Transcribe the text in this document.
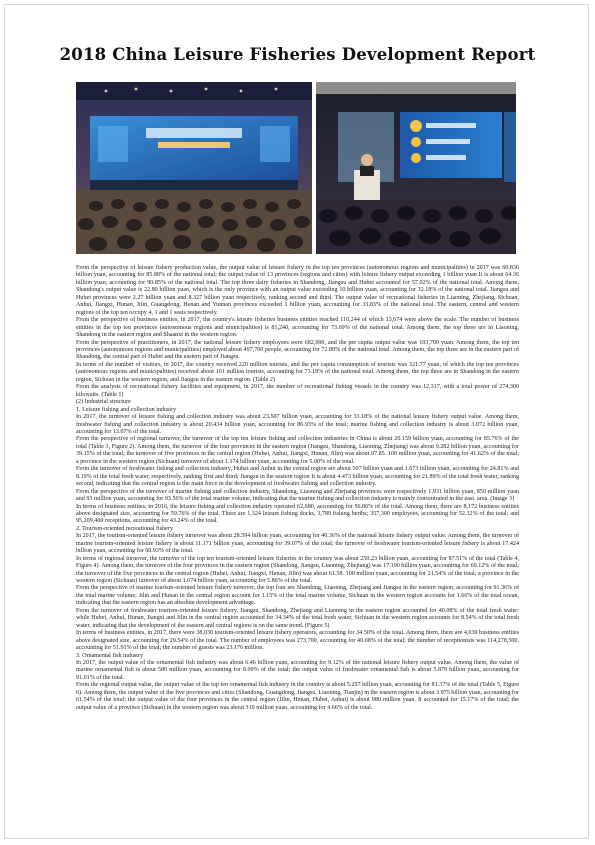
2018 China Leisure Fisheries Development Report

From the perspective of leisure fishery production value, the output value of leisure fishery in the top ten provinces (autonomous regions and municipalities) in 2017 was 60.836 billion yuan, accounting for 85.88% of the national total; the output value of 13 provinces (regions and cities) with leisure fishery output exceeding 1 billion yuan It is about 64.36 billion yuan, accounting for 90.85% of the national total. The top three dairy fisheries in Shandong, Jiangsu and Hubei accounted for 57.02% of the national total. Among them, Shandong's output value is 22.80 billion yuan, which is the only province with an output value exceeding 10 billion yuan, accounting for 32.18% of the national total. Jiangsu and Hubei provinces were 2.27 billion yuan and 8.327 billion yuan respectively, ranking second and third. The output value of recreational fisheries in Liaoning, Zhejiang, Sichuan, Anhui, Jiangxi, Hunan, Jilin, Guangdong, Henan and Yunnan provinces exceeded 1 billion yuan, accounting for 33.83% of the national total. The eastern, central and western regions of the top ten occupy 4, 1 and 1 seats respectively.

From the perspective of business entities, in 2017, the country's leisure fisheries business entities reached 110,244 of which 13,674 were above the scale. The number of business entities in the top ten provinces (autonomous regions and municipalities) is 81,240, accounting for 73.69% of the national total. Among them, the top three are in Liaoning, Shandong in the eastern region and Shaanxi in the western region.

From the perspective of practitioners, in 2017, the national leisure fishery employees were 682,900, and the per capita output value was 103,700 yuan. Among them, the top ten provinces (autonomous regions and municipalities) employed about 497,700 people, accounting for 72.88% of the national total. Among them, the top three are in the eastern part of Shandong, the central part of Hubei and the eastern part of Jiangsu.

In terms of the number of visitors, in 2017, the country received 220 million tourists, and the per capita consumption of tourists was 321.77 yuan, of which the top ten provinces (autonomous regions and municipalities) received about 161 million tourists, accounting for 73.18% of the national total. Among them, the top three are in Shandong in the eastern region, Sichuan in the western region, and Jiangsu in the eastern region. (Table 2)

From the analysis of recreational fishery facilities and equipment, in 2017, the number of recreational fishing vessels in the country was 12,317, with a total power of 274,300 kilowatts. (Table 1)

(2) Industrial structure

1. Leisure fishing and collection industry

In 2017, the turnover of leisure fishing and collection industry was about 23.507 billion yuan, accounting for 33.18% of the national leisure fishery output value. Among them, freshwater fishing and collection industry is about 20.434 billion yuan, accounting for 86.93% of the total; marine fishing and collection industry is about 3.072 billion yuan, accounting for 13.07% of the total.

From the perspective of regional turnover, the turnover of the top ten leisure fishing and collection industries in China is about 20.159 billion yuan, accounting for 85.76% of the total (Table 3, Figure 2). Among them, the turnover of the four provinces in the eastern region (Jiangsu, Shandong, Liaoning, Zhejiang) was about 9.282 billion yuan, accounting for 39.15% of the total; the turnover of five provinces in the central region (Hubei, Anhui, Jiangxi, Hunan, Jilin) was about 97.85. 100 million yuan, accounting for 41.62% of the total; a province in the western region (Sichuan) turnover of about 1.174 billion yuan, accounting for 5.00% of the total.

From the turnover of freshwater fishing and collection industry, Hubei and Anhui in the central region are about 507 billion yuan and 1.673 billion yuan, accounting for 24.81% and 8.19% of the total fresh water, respectively, ranking first and third; Jiangsu in the eastern region It is about 4.473 billion yuan, accounting for 21.89% of the total fresh water, ranking second, indicating that the central region is the main force in the development of freshwater fishing and collection industry.

From the perspective of the turnover of marine fishing and collection industry, Shandong, Liaoning and Zhejiang provinces were respectively 1.931 billion yuan, 850 million yuan and 93 million yuan, accounting for 93.56% of the total marine volume, indicating that the marine fishing and collection industry is mainly concentrated in the east. area. (Image 3)

In terms of business entities, in 2016, the leisure fishing and collection industry operated 62,680, accounting for 56.86% of the total. Among them, there are 8,172 business entities above designated size, accounting for 59.76% of the total. There are 1,324 leisure fishing docks, 3,789 fishing berths; 357,300 employees, accounting for 52.32% of the total; and 95,209,400 receptions, accounting for 43.24% of the total.

2. Tourism-oriented recreational fishery

In 2017, the tourism-oriented leisure fishery turnover was about 28.594 billion yuan, accounting for 40.36% of the national leisure fishery output value. Among them, the turnover of marine tourism-oriented leisure fishery is about 11.171 billion yuan, accounting for 39.07% of the total; the turnover of freshwater tourism-oriented leisure fishery is about 17.424 billion yuan, accounting for 60.93% of the total.

In terms of regional turnover, the turnover of the top ten tourism-oriented leisure fisheries in the country was about 250.23 billion yuan, accounting for 87.51% of the total (Table 4, Figure 4). Among them, the turnover of the four provinces in the eastern region (Shandong, Jiangsu, Liaoning, Zhejiang) was 17.190 billion yuan, accounting for 60.12% of the total; the turnover of the five provinces in the central region (Hubei, Anhui, Jiangxi, Hunan, Jilin) was about 61.58. 100 million yuan, accounting for 21.54% of the total; a province in the western region (Sichuan) turnover of about 1.674 billion yuan, accounting for 5.86% of the total.

From the perspective of marine tourism-oriented leisure fishery turnover, the top four are Shandong, Liaoning, Zhejiang and Jiangsu in the eastern region, accounting for 91.36% of the total marine volume; Jilin and Hunan in the central region account for 1.15% of the total marine volume, Sichuan in the western region accounts for 1.66% of the total ocean, indicating that the eastern region has an absolute development advantage.

From the turnover of freshwater tourism-oriented leisure fishery, Jiangsu, Shandong, Zhejiang and Liaoning in the eastern region accounted for 40.08% of the total fresh water; while Hubei, Anhui, Hunan, Jiangxi and Jilin in the central region accounted for 34.34% of the total fresh water, Sichuan in the western region accounts for 8.54% of the total fresh water, indicating that the development of the eastern and central regions is on the same trend. (Figure 5)

In terms of business entities, in 2017, there were 38,030 tourism-oriented leisure fishery operators, accounting for 34.50% of the total. Among them, there are 4,039 business entities above designated size, accounting for 29.54% of the total. The number of employees was 273,700, accounting for 40.08% of the total; the number of receptionists was 114,278,500, accounting for 51.91% of the total; the number of guests was 23.176 million.

3. Ornamental fish industry

In 2017, the output value of the ornamental fish industry was about 6.46 billion yuan, accounting for 9.12% of the national leisure fishery output value. Among them, the value of marine ornamental fish is about 580 million yuan, accounting for 8.99% of the total; the output value of freshwater ornamental fish is about 5.879 billion yuan, accounting for 91.01% of the total.

From the regional output value, the output value of the top ten ornamental fish industry in the country is about 5.257 billion yuan, accounting for 81.37% of the total (Table 5, Figure 6). Among them, the output value of the five provinces and cities (Shandong, Guangdong, Jiangsu, Liaoning, Tianjin) in the eastern region is about 3.975 billion yuan, accounting for 61.54% of the total; the output value of the four provinces in the central region (Jilin, Henan, Hubei, Anhui) is about 980 million yuan. It accounted for 15.17% of the total; the output value of a province (Sichuan) in the western region was about 310 million yuan, accounting for 4.66% of the total.
